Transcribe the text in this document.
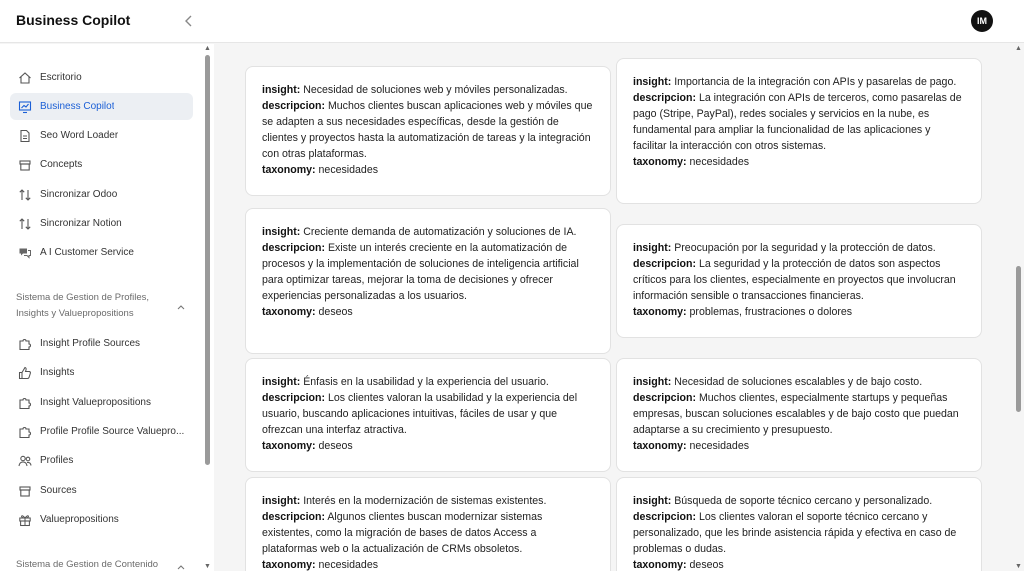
Business Copilot	IM
Escritorio
Business Copilot
Seo Word Loader
Concepts
Sincronizar Odoo
Sincronizar Notion
A I Customer Service
Sistema de Gestion de Profiles, Insights y Valuepropositions
Insight Profile Sources
Insights
Insight Valuepropositions
Profile Profile Source Valuepro...
Profiles
Sources
Valuepropositions
Sistema de Gestion de Contenido
▲
▼
insight: Necesidad de soluciones web y móviles personalizadas.
descripcion: Muchos clientes buscan aplicaciones web y móviles que se adapten a sus necesidades específicas, desde la gestión de clientes y proyectos hasta la automatización de tareas y la integración con otras plataformas.
taxonomy: necesidades
insight: Importancia de la integración con APIs y pasarelas de pago.
descripcion: La integración con APIs de terceros, como pasarelas de pago (Stripe, PayPal), redes sociales y servicios en la nube, es fundamental para ampliar la funcionalidad de las aplicaciones y facilitar la interacción con otros sistemas.
taxonomy: necesidades
insight: Creciente demanda de automatización y soluciones de IA.
descripcion: Existe un interés creciente en la automatización de procesos y la implementación de soluciones de inteligencia artificial para optimizar tareas, mejorar la toma de decisiones y ofrecer experiencias personalizadas a los usuarios.
taxonomy: deseos
insight: Preocupación por la seguridad y la protección de datos.
descripcion: La seguridad y la protección de datos son aspectos críticos para los clientes, especialmente en proyectos que involucran información sensible o transacciones financieras.
taxonomy: problemas, frustraciones o dolores
insight: Énfasis en la usabilidad y la experiencia del usuario.
descripcion: Los clientes valoran la usabilidad y la experiencia del usuario, buscando aplicaciones intuitivas, fáciles de usar y que ofrezcan una interfaz atractiva.
taxonomy: deseos
insight: Necesidad de soluciones escalables y de bajo costo.
descripcion: Muchos clientes, especialmente startups y pequeñas empresas, buscan soluciones escalables y de bajo costo que puedan adaptarse a su crecimiento y presupuesto.
taxonomy: necesidades
insight: Interés en la modernización de sistemas existentes.
descripcion: Algunos clientes buscan modernizar sistemas existentes, como la migración de bases de datos Access a plataformas web o la actualización de CRMs obsoletos.
taxonomy: necesidades
insight: Búsqueda de soporte técnico cercano y personalizado.
descripcion: Los clientes valoran el soporte técnico cercano y personalizado, que les brinde asistencia rápida y efectiva en caso de problemas o dudas.
taxonomy: deseos
▲
▼
